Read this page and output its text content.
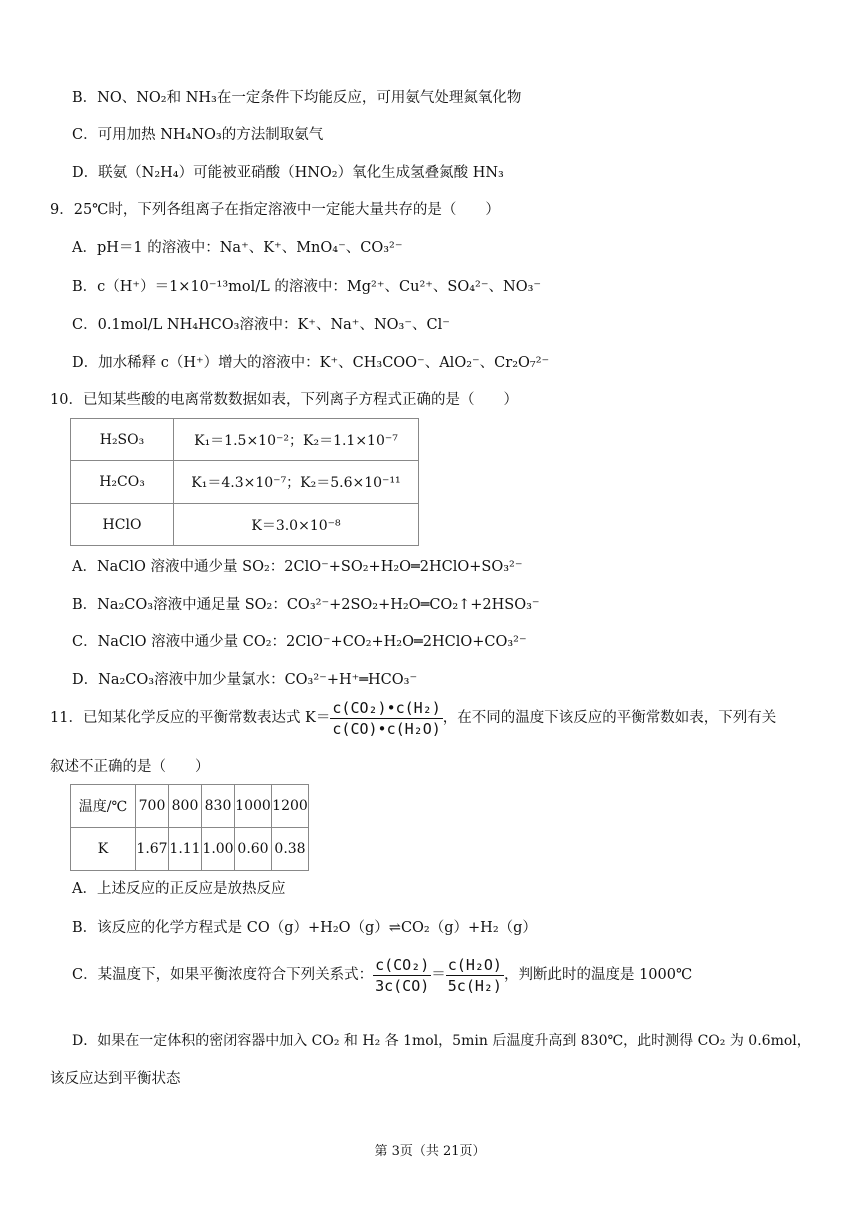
B．NO、NO₂和 NH₃在一定条件下均能反应，可用氨气处理氮氧化物
C．可用加热 NH₄NO₃的方法制取氨气
D．联氨（N₂H₄）可能被亚硝酸（HNO₂）氧化生成氢叠氮酸 HN₃
9．25℃时，下列各组离子在指定溶液中一定能大量共存的是（　　）
A．pH＝1 的溶液中：Na⁺、K⁺、MnO₄⁻、CO₃²⁻
B．c（H⁺）＝1×10⁻¹³mol/L 的溶液中：Mg²⁺、Cu²⁺、SO₄²⁻、NO₃⁻
C．0.1mol/L NH₄HCO₃溶液中：K⁺、Na⁺、NO₃⁻、Cl⁻
D．加水稀释 c（H⁺）增大的溶液中：K⁺、CH₃COO⁻、AlO₂⁻、Cr₂O₇²⁻
10．已知某些酸的电离常数数据如表，下列离子方程式正确的是（　　）
H₂SO₃	K₁＝1.5×10⁻²；K₂＝1.1×10⁻⁷
H₂CO₃	K₁＝4.3×10⁻⁷；K₂＝5.6×10⁻¹¹
HClO	K＝3.0×10⁻⁸
A．NaClO 溶液中通少量 SO₂：2ClO⁻+SO₂+H₂O═2HClO+SO₃²⁻
B．Na₂CO₃溶液中通足量 SO₂：CO₃²⁻+2SO₂+H₂O═CO₂↑+2HSO₃⁻
C．NaClO 溶液中通少量 CO₂：2ClO⁻+CO₂+H₂O═2HClO+CO₃²⁻
D．Na₂CO₃溶液中加少量氯水：CO₃²⁻+H⁺═HCO₃⁻
11．已知某化学反应的平衡常数表达式 $K= \frac{\text{c(CO₂)•c(H₂)}}{\text{c(CO)•c(H₂O)}}$ ，在不同的温度下该反应的平衡常数如表，下列有关
叙述不正确的是（　　）
温度/℃	700	800	830	1000	1200
K	1.67	1.11	1.00	0.60	0.38
A．上述反应的正反应是放热反应
B．该反应的化学方程式是 CO（g）+H₂O（g）⇌CO₂（g）+H₂（g）
C．某温度下，如果平衡浓度符合下列关系式： $\frac{\text{c(CO₂)}}{3c(CO)} = \frac{\text{c(H₂O)}}{\text{5c(H₂)}}$ ，判断此时的温度是 1000℃
D．如果在一定体积的密闭容器中加入 CO₂ 和 H₂ 各 1mol，5min 后温度升高到 830℃，此时测得 CO₂ 为 0.6mol，
该反应达到平衡状态
第 3页（共 21页）
